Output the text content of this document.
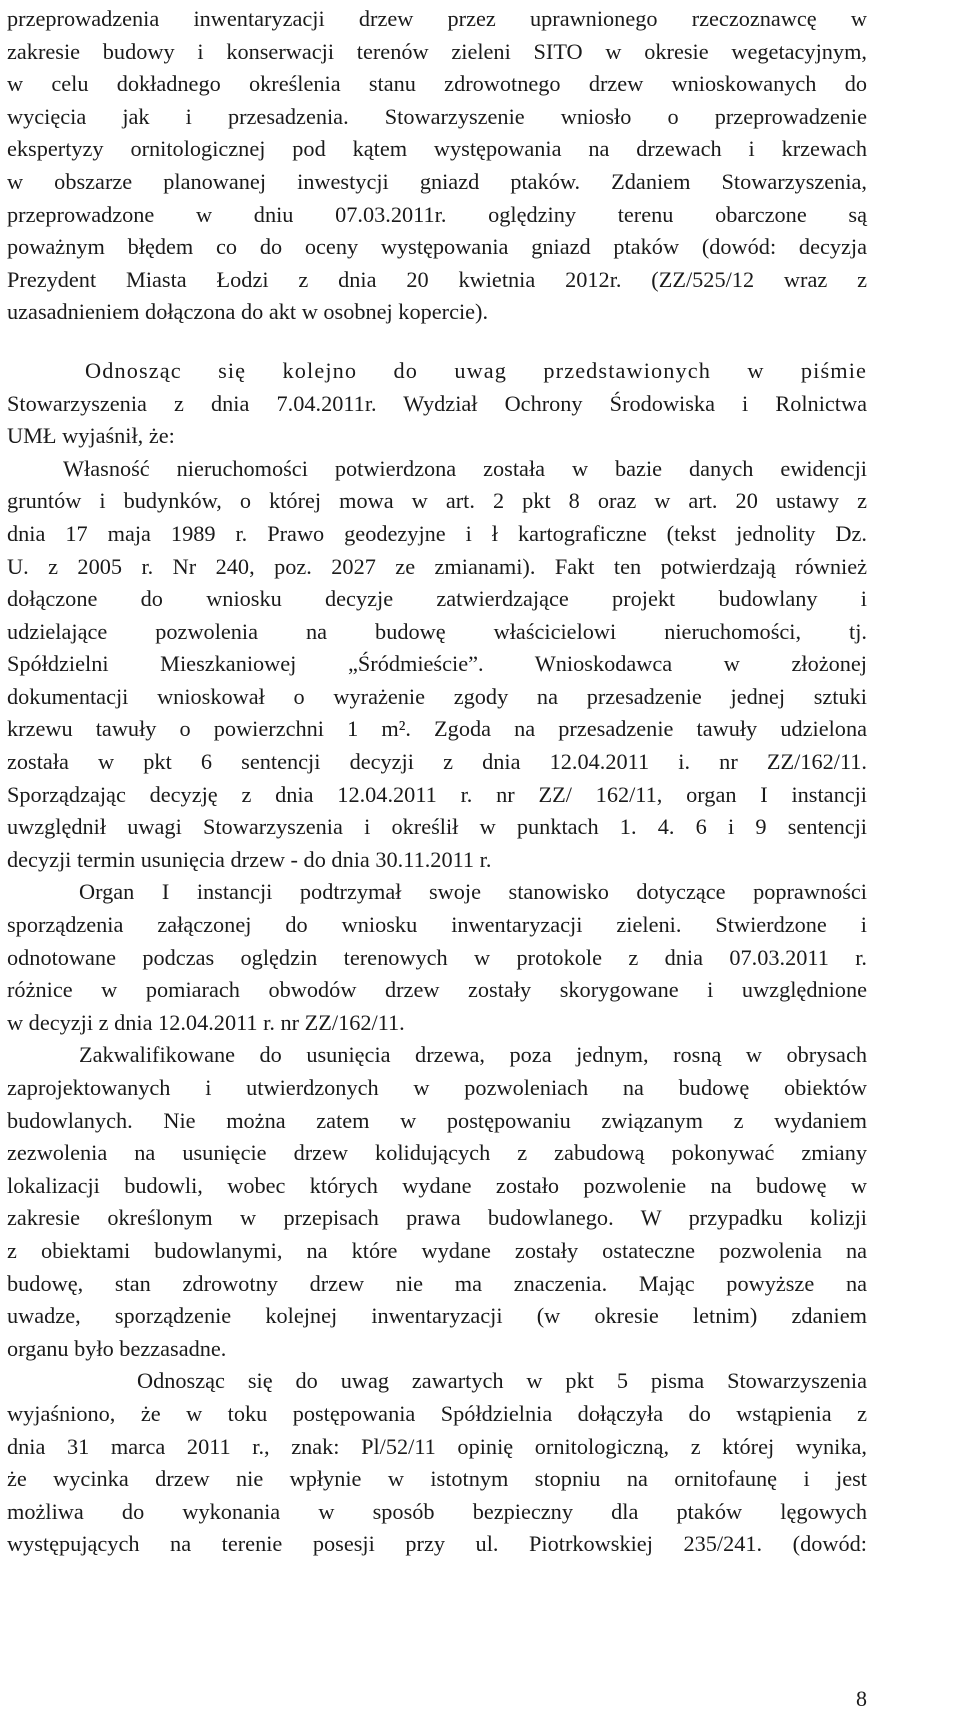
przeprowadzenia inwentaryzacji drzew przez uprawnionego rzeczoznawcę w
zakresie budowy i konserwacji terenów zieleni SITO w okresie wegetacyjnym,
w celu dokładnego określenia stanu zdrowotnego drzew wnioskowanych do
wycięcia jak i przesadzenia. Stowarzyszenie wniosło o przeprowadzenie
ekspertyzy ornitologicznej pod kątem występowania na drzewach i krzewach
w obszarze planowanej inwestycji gniazd ptaków. Zdaniem Stowarzyszenia,
przeprowadzone w dniu 07.03.2011r. oględziny terenu obarczone są
poważnym błędem co do oceny występowania gniazd ptaków (dowód: decyzja
Prezydent Miasta Łodzi z dnia 20 kwietnia 2012r. (ZZ/525/12 wraz z
uzasadnieniem dołączona do akt w osobnej kopercie).
Odnosząc się kolejno do uwag przedstawionych w piśmie
Stowarzyszenia z dnia 7.04.2011r. Wydział Ochrony Środowiska i Rolnictwa
UMŁ wyjaśnił, że:
Własność nieruchomości potwierdzona została w bazie danych ewidencji
gruntów i budynków, o której mowa w art. 2 pkt 8 oraz w art. 20 ustawy z
dnia 17 maja 1989 r. Prawo geodezyjne i ł kartograficzne (tekst jednolity Dz.
U. z 2005 r. Nr 240, poz. 2027 ze zmianami). Fakt ten potwierdzają również
dołączone do wniosku decyzje zatwierdzające projekt budowlany i
udzielające pozwolenia na budowę właścicielowi nieruchomości, tj.
Spółdzielni Mieszkaniowej „Śródmieście”. Wnioskodawca w złożonej
dokumentacji wnioskował o wyrażenie zgody na przesadzenie jednej sztuki
krzewu tawuły o powierzchni 1 m². Zgoda na przesadzenie tawuły udzielona
została w pkt 6 sentencji decyzji z dnia 12.04.2011 i. nr ZZ/162/11.
Sporządzając decyzję z dnia 12.04.2011 r. nr ZZ/ 162/11, organ I instancji
uwzględnił uwagi Stowarzyszenia i określił w punktach 1. 4. 6 i 9 sentencji
decyzji termin usunięcia drzew - do dnia 30.11.2011 r.
Organ I instancji podtrzymał swoje stanowisko dotyczące poprawności
sporządzenia załączonej do wniosku inwentaryzacji zieleni. Stwierdzone i
odnotowane podczas oględzin terenowych w protokole z dnia 07.03.2011 r.
różnice w pomiarach obwodów drzew zostały skorygowane i uwzględnione
w decyzji z dnia 12.04.2011 r. nr ZZ/162/11.
Zakwalifikowane do usunięcia drzewa, poza jednym, rosną w obrysach
zaprojektowanych i utwierdzonych w pozwoleniach na budowę obiektów
budowlanych. Nie można zatem w postępowaniu związanym z wydaniem
zezwolenia na usunięcie drzew kolidujących z zabudową pokonywać zmiany
lokalizacji budowli, wobec których wydane zostało pozwolenie na budowę w
zakresie określonym w przepisach prawa budowlanego. W przypadku kolizji
z obiektami budowlanymi, na które wydane zostały ostateczne pozwolenia na
budowę, stan zdrowotny drzew nie ma znaczenia. Mając powyższe na
uwadze, sporządzenie kolejnej inwentaryzacji (w okresie letnim) zdaniem
organu było bezzasadne.
Odnosząc się do uwag zawartych w pkt 5 pisma Stowarzyszenia
wyjaśniono, że w toku postępowania Spółdzielnia dołączyła do wstąpienia z
dnia 31 marca 2011 r., znak: Pl/52/11 opinię ornitologiczną, z której wynika,
że wycinka drzew nie wpłynie w istotnym stopniu na ornitofaunę i jest
możliwa do wykonania w sposób bezpieczny dla ptaków lęgowych
występujących na terenie posesji przy ul. Piotrkowskiej 235/241. (dowód:
8
